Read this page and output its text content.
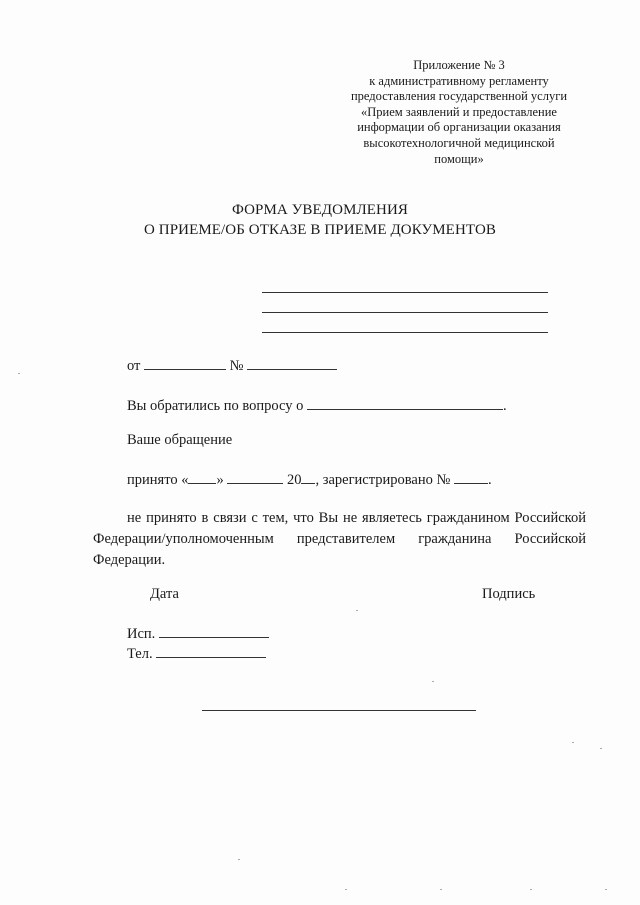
Приложение № 3
к административному регламенту
предоставления государственной услуги
«Прием заявлений и предоставление
информации об организации оказания
высокотехнологичной медицинской
помощи»
ФОРМА УВЕДОМЛЕНИЯ
О ПРИЕМЕ/ОБ ОТКАЗЕ В ПРИЕМЕ ДОКУМЕНТОВ
от	№
Вы обратились по вопросу о	.
Ваше обращение
принято « »	20 , зарегистрировано №	.
не принято в связи с тем, что Вы не являетесь гражданином Российской Федерации/уполномоченным представителем гражданина Российской Федерации.
Дата	Подпись
Исп.
Тел.
